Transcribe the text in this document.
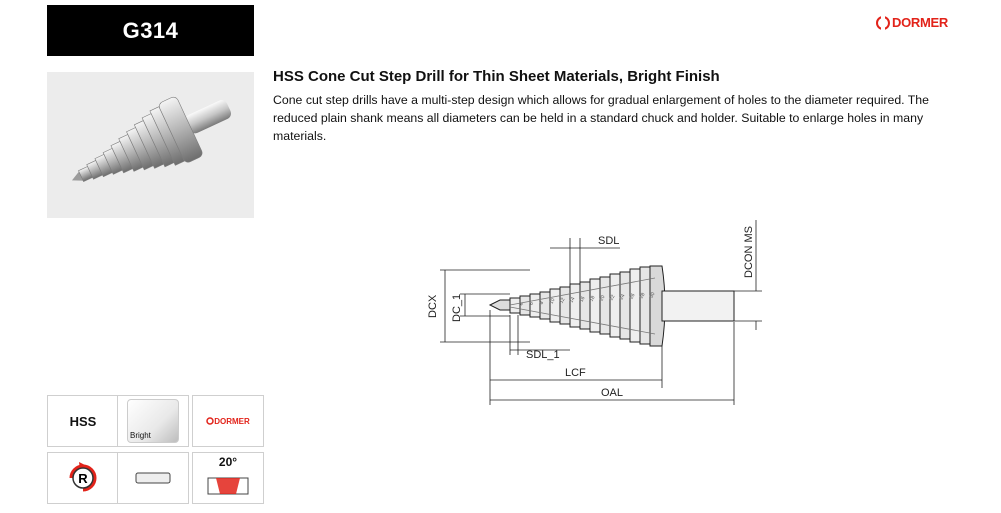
G314	DORMER
HSS Cone Cut Step Drill for Thin Sheet Materials, Bright Finish

Cone cut step drills have a multi-step design which allows for gradual enlargement of holes to the diameter required. The reduced plain shank means all diameters can be held in a standard chuck and holder. Suitable to enlarge holes in many materials.

4 6 8 10 12 14 16 18 20 22 24 26 28 30
SDL
SDL_1
LCF
OAL
DCX DC_1
DCON MS
HSS
Bright
DORMER
R
20°
